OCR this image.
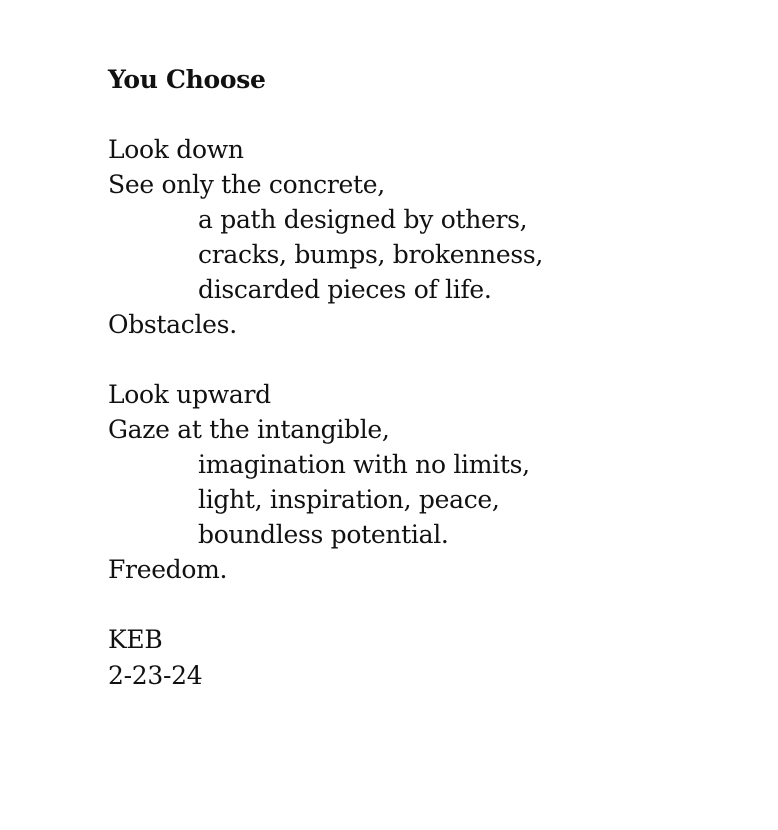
You Choose
Look down
See only the concrete,
a path designed by others,
cracks, bumps, brokenness,
discarded pieces of life.
Obstacles.
Look upward
Gaze at the intangible,
imagination with no limits,
light, inspiration, peace,
boundless potential.
Freedom.
KEB
2-23-24
